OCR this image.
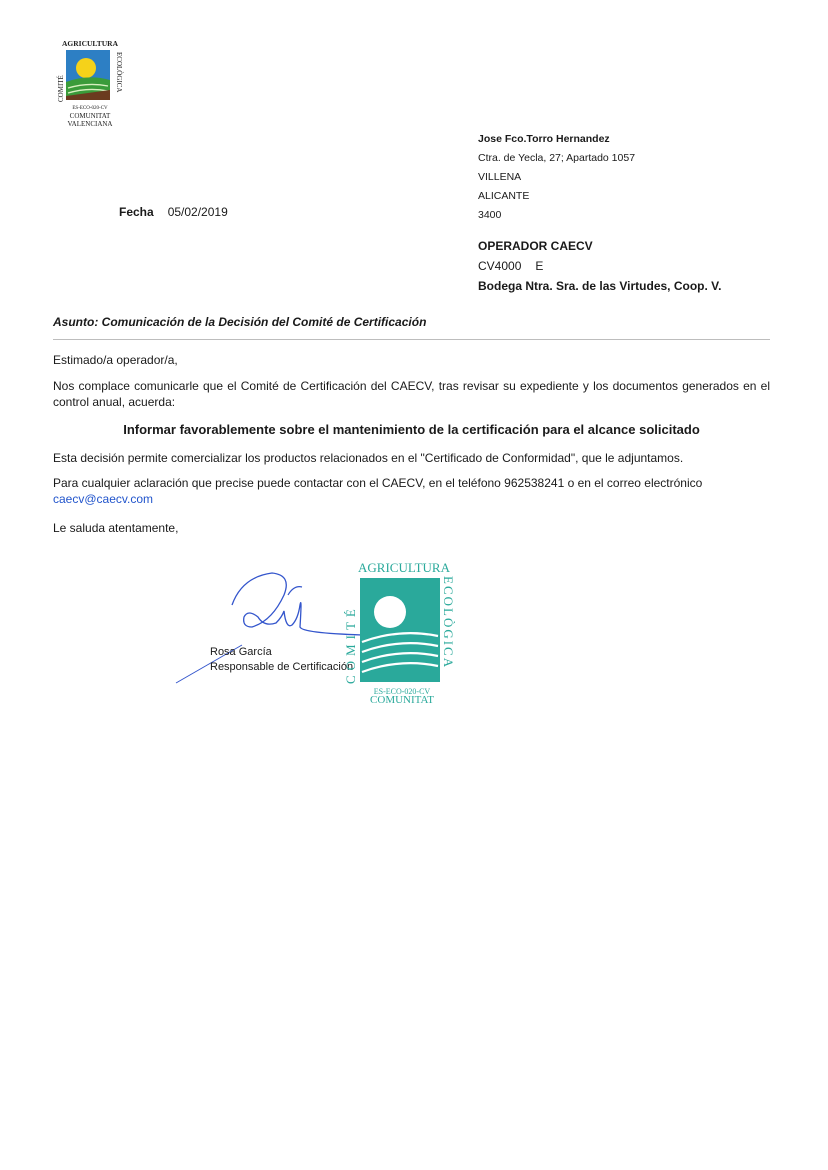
AGRICULTURA
COMITÉ	ECOLÒGICA
ES-ECO-020-CV
COMUNITAT
VALENCIANA
Fecha 05/02/2019
Jose Fco.Torro Hernandez
Ctra. de Yecla, 27; Apartado 1057
VILLENA
ALICANTE
3400
OPERADOR CAECV
CV4000 E
Bodega Ntra. Sra. de las Virtudes, Coop. V.
Asunto: Comunicación de la Decisión del Comité de Certificación
Estimado/a operador/a,
Nos complace comunicarle que el Comité de Certificación del CAECV, tras revisar su expediente y los documentos generados en el control anual, acuerda:
Informar favorablemente sobre el mantenimiento de la certificación para el alcance solicitado
Esta decisión permite comercializar los productos relacionados en el "Certificado de Conformidad", que le adjuntamos.
Para cualquier aclaración que precise puede contactar con el CAECV, en el teléfono 962538241 o en el correo electrónico
caecv@caecv.com
Le saluda atentamente,
Rosa García
Responsable de Certificación
AGRICULTURA
COMITÉ	ECOLÒGICA
ES-ECO-020-CV
COMUNITAT
